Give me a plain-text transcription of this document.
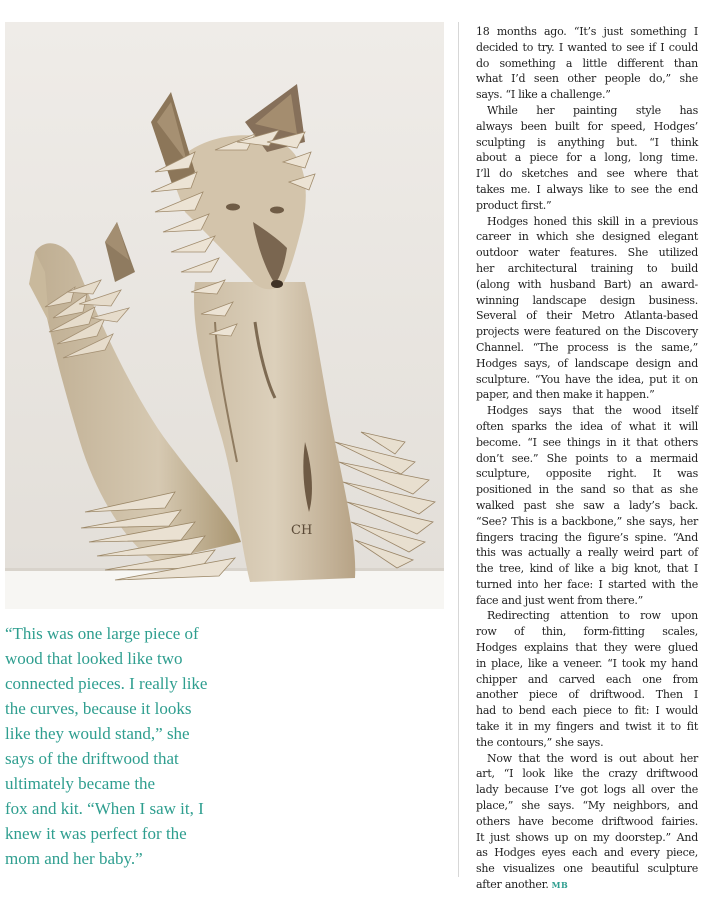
CH

“This was one large piece of
wood that looked like two
connected pieces. I really like
the curves, because it looks
like they would stand,” she
says of the driftwood that
ultimately became the
fox and kit. “When I saw it, I
knew it was perfect for the
mom and her baby.”

18 months ago. “It’s just something I
decided to try. I wanted to see if I could
do something a little different than
what I’d seen other people do,” she
says. “I like a challenge.”
While her painting style has
always been built for speed, Hodges’
sculpting is anything but. “I think
about a piece for a long, long time.
I’ll do sketches and see where that
takes me. I always like to see the end
product first.”
Hodges honed this skill in a previous
career in which she designed elegant
outdoor water features. She utilized
her architectural training to build
(along with husband Bart) an award-
winning landscape design business.
Several of their Metro Atlanta-based
projects were featured on the Discovery
Channel. “The process is the same,”
Hodges says, of landscape design and
sculpture. “You have the idea, put it on
paper, and then make it happen.”
Hodges says that the wood itself
often sparks the idea of what it will
become. “I see things in it that others
don’t see.” She points to a mermaid
sculpture, opposite right. It was
positioned in the sand so that as she
walked past she saw a lady’s back.
“See? This is a backbone,” she says, her
fingers tracing the figure’s spine. “And
this was actually a really weird part of
the tree, kind of like a big knot, that I
turned into her face: I started with the
face and just went from there.”
Redirecting attention to row upon
row of thin, form-fitting scales,
Hodges explains that they were glued
in place, like a veneer. “I took my hand
chipper and carved each one from
another piece of driftwood. Then I
had to bend each piece to fit: I would
take it in my fingers and twist it to fit
the contours,” she says.
Now that the word is out about her
art, “I look like the crazy driftwood
lady because I’ve got logs all over the
place,” she says. “My neighbors, and
others have become driftwood fairies.
It just shows up on my doorstep.” And
as Hodges eyes each and every piece,
she visualizes one beautiful sculpture
after another. MB
